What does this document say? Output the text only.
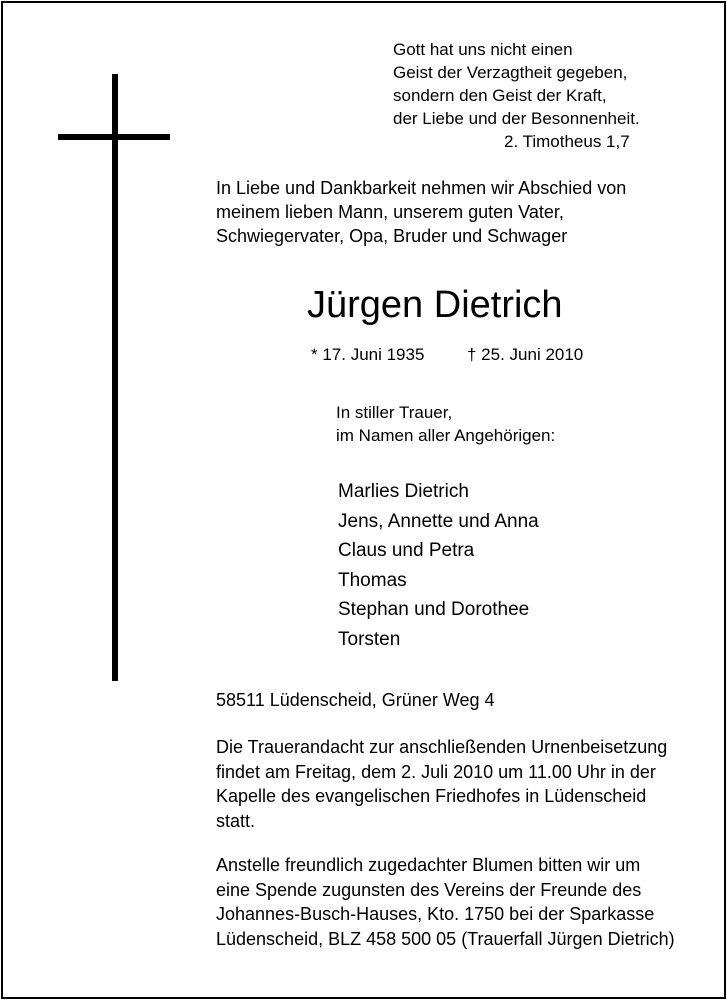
Gott hat uns nicht einen
Geist der Verzagtheit gegeben,
sondern den Geist der Kraft,
der Liebe und der Besonnenheit.
2. Timotheus 1,7
In Liebe und Dankbarkeit nehmen wir Abschied von
meinem lieben Mann, unserem guten Vater,
Schwiegervater, Opa, Bruder und Schwager
Jürgen Dietrich
* 17. Juni 1935	† 25. Juni 2010
In stiller Trauer,
im Namen aller Angehörigen:
Marlies Dietrich
Jens, Annette und Anna
Claus und Petra
Thomas
Stephan und Dorothee
Torsten
58511 Lüdenscheid, Grüner Weg 4
Die Trauerandacht zur anschließenden Urnenbeisetzung
findet am Freitag, dem 2. Juli 2010 um 11.00 Uhr in der
Kapelle des evangelischen Friedhofes in Lüdenscheid
statt.
Anstelle freundlich zugedachter Blumen bitten wir um
eine Spende zugunsten des Vereins der Freunde des
Johannes-Busch-Hauses, Kto. 1750 bei der Sparkasse
Lüdenscheid, BLZ 458 500 05 (Trauerfall Jürgen Dietrich)
